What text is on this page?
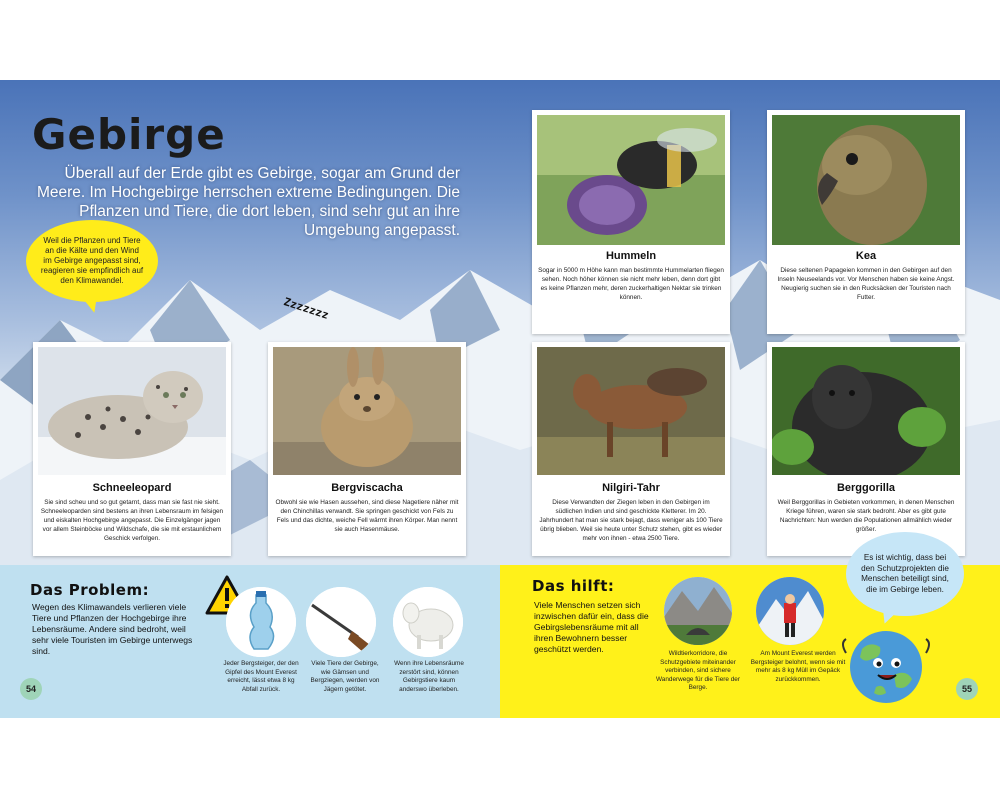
Gebirge
Überall auf der Erde gibt es Gebirge, sogar am Grund der Meere. Im Hochgebirge herrschen extreme Bedingungen. Die Pflanzen und Tiere, die dort leben, sind sehr gut an ihre Umgebung angepasst.
Weil die Pflanzen und Tiere an die Kälte und den Wind im Gebirge angepasst sind, reagieren sie empfindlich auf den Klimawandel.
Zzzzzzz
Schneeleopard
Sie sind scheu und so gut getarnt, dass man sie fast nie sieht. Schneeleoparden sind bestens an ihren Lebensraum im felsigen und eiskalten Hochgebirge angepasst. Die Einzelgänger jagen vor allem Steinböcke und Wildschafe, die sie mit erstaunlichem Geschick verfolgen.
Bergviscacha
Obwohl sie wie Hasen aussehen, sind diese Nagetiere näher mit den Chinchillas verwandt. Sie springen geschickt von Fels zu Fels und das dichte, weiche Fell wärmt ihren Körper. Man nennt sie auch Hasenmäuse.
Hummeln
Sogar in 5000 m Höhe kann man bestimmte Hummelarten fliegen sehen. Noch höher können sie nicht mehr leben, denn dort gibt es keine Pflanzen mehr, deren zuckerhaltigen Nektar sie trinken können.
Kea
Diese seltenen Papageien kommen in den Gebirgen auf den Inseln Neuseelands vor. Vor Menschen haben sie keine Angst. Neugierig suchen sie in den Rucksäcken der Touristen nach Futter.
Nilgiri-Tahr
Diese Verwandten der Ziegen leben in den Gebirgen im südlichen Indien und sind geschickte Kletterer. Im 20. Jahrhundert hat man sie stark bejagt, dass weniger als 100 Tiere übrig blieben. Weil sie heute unter Schutz stehen, gibt es wieder mehr von ihnen - etwa 2500 Tiere.
Berggorilla
Weil Berggorillas in Gebieten vorkommen, in denen Menschen Kriege führen, waren sie stark bedroht. Aber es gibt gute Nachrichten: Nun werden die Populationen allmählich wieder größer.
Das Problem:
Wegen des Klimawandels verlieren viele Tiere und Pflanzen der Hochgebirge ihre Lebensräume. Andere sind bedroht, weil sehr viele Touristen im Gebirge unterwegs sind.
Jeder Bergsteiger, der den Gipfel des Mount Everest erreicht, lässt etwa 8 kg Abfall zurück.
Viele Tiere der Gebirge, wie Gämsen und Bergziegen, werden von Jägern getötet.
Wenn ihre Lebensräume zerstört sind, können Gebirgstiere kaum anderswo überleben.
54
Das hilft:
Viele Menschen setzen sich inzwischen dafür ein, dass die Gebirgslebensräume mit all ihren Bewohnern besser geschützt werden.	Wildtierkorridore, die Schutzgebiete miteinander verbinden, sind sichere Wanderwege für die Tiere der Berge.
Am Mount Everest werden Bergsteiger belohnt, wenn sie mit mehr als 8 kg Müll im Gepäck zurückkommen.
55
Es ist wichtig, dass bei den Schutzprojekten die Menschen beteiligt sind, die im Gebirge leben.
